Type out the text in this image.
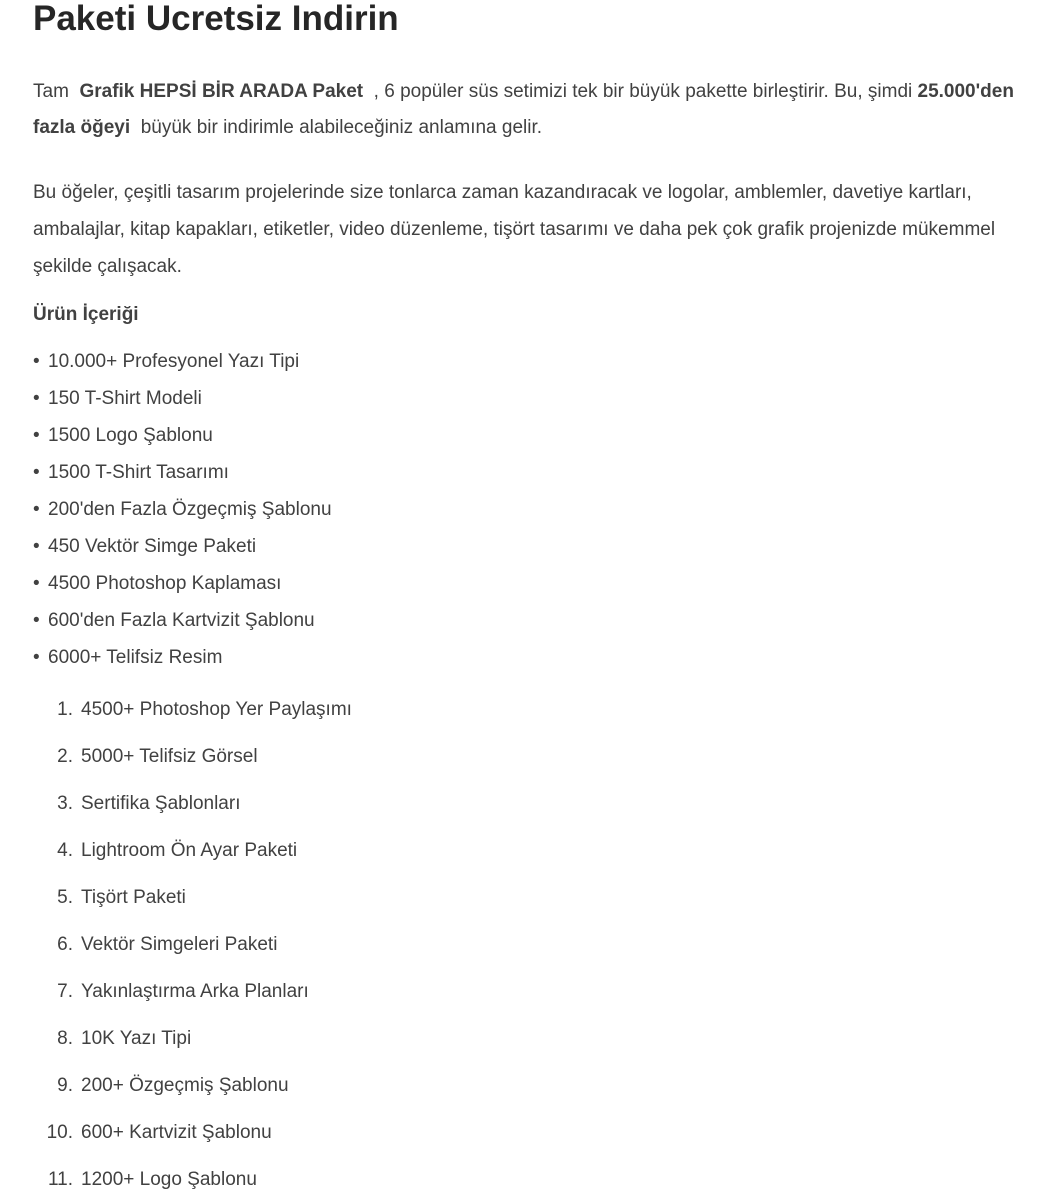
Paketi Ucretsiz Indirin

Tam  Grafik HEPSİ BİR ARADA Paket  , 6 popüler süs setimizi tek bir büyük pakette birleştirir. Bu, şimdi 25.000'den fazla öğeyi  büyük bir indirimle alabileceğiniz anlamına gelir.

Bu öğeler, çeşitli tasarım projelerinde size tonlarca zaman kazandıracak ve logolar, amblemler, davetiye kartları, ambalajlar, kitap kapakları, etiketler, video düzenleme, tişört tasarımı ve daha pek çok grafik projenizde mükemmel şekilde çalışacak.

Ürün İçeriği

• 10.000+ Profesyonel Yazı Tipi
• 150 T-Shirt Modeli
• 1500 Logo Şablonu
• 1500 T-Shirt Tasarımı
• 200'den Fazla Özgeçmiş Şablonu
• 450 Vektör Simge Paketi
• 4500 Photoshop Kaplaması
• 600'den Fazla Kartvizit Şablonu
• 6000+ Telifsiz Resim
1. 4500+ Photoshop Yer Paylaşımı
2. 5000+ Telifsiz Görsel
3. Sertifika Şablonları
4. Lightroom Ön Ayar Paketi
5. Tişört Paketi
6. Vektör Simgeleri Paketi
7. Yakınlaştırma Arka Planları
8. 10K Yazı Tipi
9. 200+ Özgeçmiş Şablonu
10. 600+ Kartvizit Şablonu
11. 1200+ Logo Şablonu
